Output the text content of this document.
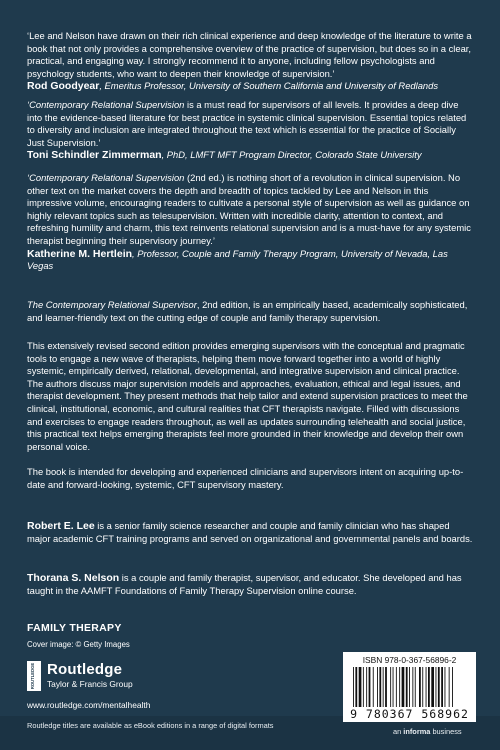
‘Lee and Nelson have drawn on their rich clinical experience and deep knowledge of the literature to write a book that not only provides a comprehensive overview of the practice of supervision, but does so in a clear, practical, and engaging way. I strongly recommend it to anyone, including fellow psychologists and psychology students, who want to deepen their knowledge of supervision.’
Rod Goodyear, Emeritus Professor, University of Southern California and University of Redlands

‘Contemporary Relational Supervision is a must read for supervisors of all levels. It provides a deep dive into the evidence-based literature for best practice in systemic clinical supervision. Essential topics related to diversity and inclusion are integrated throughout the text which is essential for the practice of Socially Just Supervision.’
Toni Schindler Zimmerman, PhD, LMFT MFT Program Director, Colorado State University

‘Contemporary Relational Supervision (2nd ed.) is nothing short of a revolution in clinical supervision. No other text on the market covers the depth and breadth of topics tackled by Lee and Nelson in this impressive volume, encouraging readers to cultivate a personal style of supervision as well as guidance on highly relevant topics such as telesupervision. Written with incredible clarity, attention to context, and refreshing humility and charm, this text reinvents relational supervision and is a must-have for any systemic therapist beginning their supervisory journey.’
Katherine M. Hertlein, Professor, Couple and Family Therapy Program, University of Nevada, Las Vegas

The Contemporary Relational Supervisor, 2nd edition, is an empirically based, academically sophisticated, and learner-friendly text on the cutting edge of couple and family therapy supervision.

This extensively revised second edition provides emerging supervisors with the conceptual and pragmatic tools to engage a new wave of therapists, helping them move forward together into a world of highly systemic, empirically derived, relational, developmental, and integrative supervision and clinical practice. The authors discuss major supervision models and approaches, evaluation, ethical and legal issues, and therapist development. They present methods that help tailor and extend supervision practices to meet the clinical, institutional, economic, and cultural realities that CFT therapists navigate. Filled with discussions and exercises to engage readers throughout, as well as updates surrounding telehealth and social justice, this practical text helps emerging therapists feel more grounded in their knowledge and develop their own personal voice.

The book is intended for developing and experienced clinicians and supervisors intent on acquiring up-to-date and forward-looking, systemic, CFT supervisory mastery.

Robert E. Lee is a senior family science researcher and couple and family clinician who has shaped major academic CFT training programs and served on organizational and governmental panels and boards.

Thorana S. Nelson is a couple and family therapist, supervisor, and educator. She developed and has taught in the AAMFT Foundations of Family Therapy Supervision online course.

FAMILY THERAPY
Cover image: © Getty Images
ROUTLEDGE Routledge
Taylor & Francis Group
www.routledge.com/mentalhealth
Routledge titles are available as eBook editions in a range of digital formats
ISBN 978-0-367-56896-2
9 780367 568962
an informa business
